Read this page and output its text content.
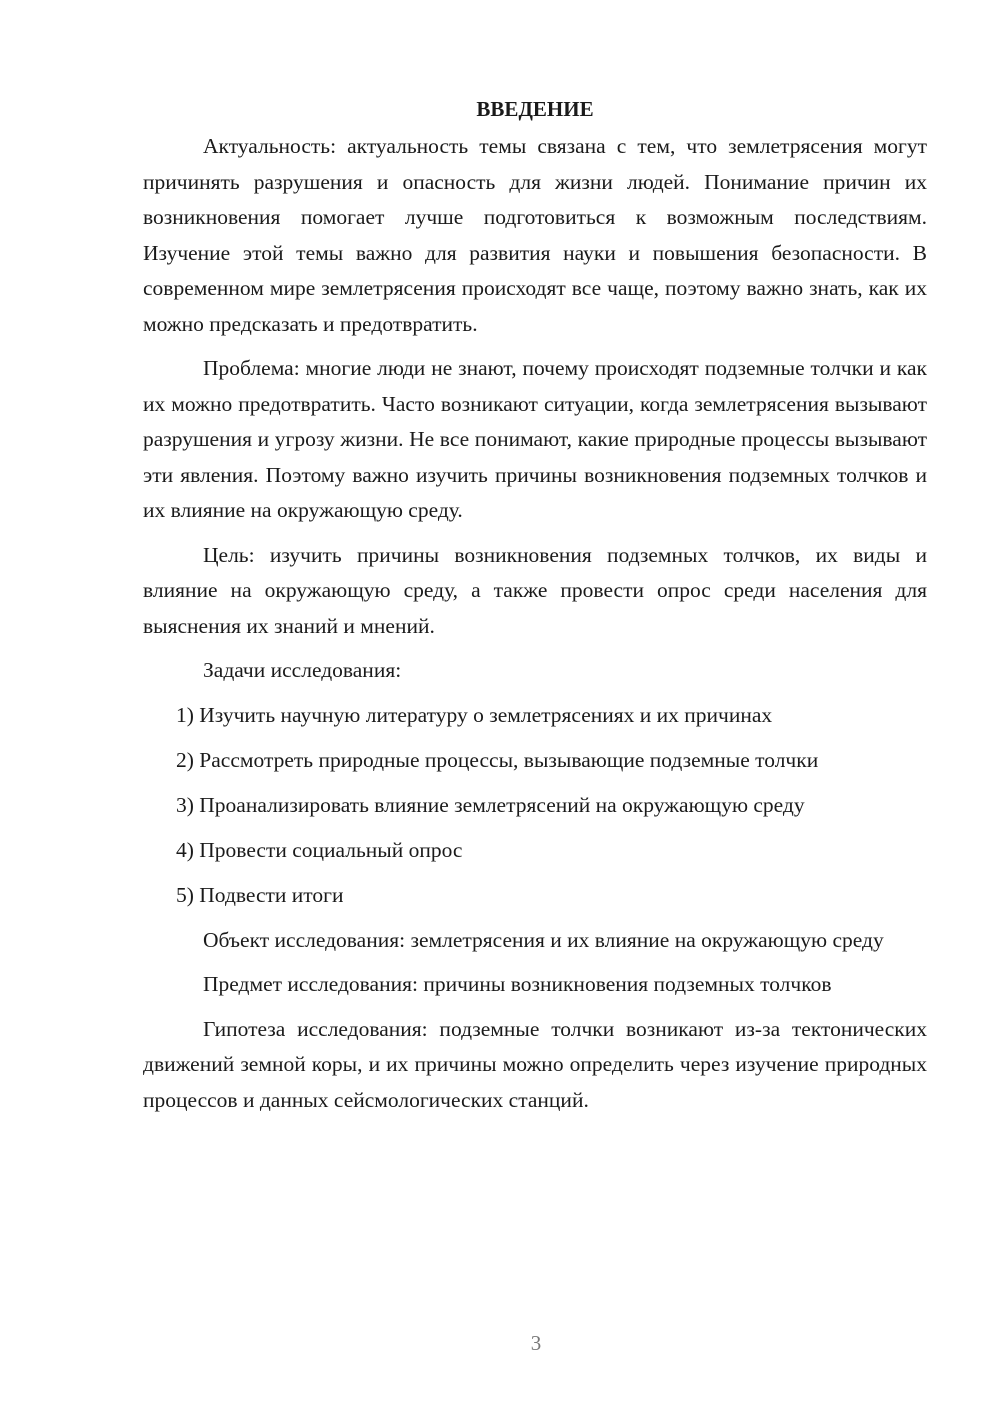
ВВЕДЕНИЕ

Актуальность: актуальность темы связана с тем, что землетрясения могут причинять разрушения и опасность для жизни людей. Понимание причин их возникновения помогает лучше подготовиться к возможным последствиям. Изучение этой темы важно для развития науки и повышения безопасности. В современном мире землетрясения происходят все чаще, поэтому важно знать, как их можно предсказать и предотвратить.

Проблема: многие люди не знают, почему происходят подземные толчки и как их можно предотвратить. Часто возникают ситуации, когда землетрясения вызывают разрушения и угрозу жизни. Не все понимают, какие природные процессы вызывают эти явления. Поэтому важно изучить причины возникновения подземных толчков и их влияние на окружающую среду.

Цель: изучить причины возникновения подземных толчков, их виды и влияние на окружающую среду, а также провести опрос среди населения для выяснения их знаний и мнений.

Задачи исследования:

1) Изучить научную литературу о землетрясениях и их причинах
2) Рассмотреть природные процессы, вызывающие подземные толчки
3) Проанализировать влияние землетрясений на окружающую среду
4) Провести социальный опрос
5) Подвести итоги

Объект исследования: землетрясения и их влияние на окружающую среду

Предмет исследования: причины возникновения подземных толчков

Гипотеза исследования: подземные толчки возникают из-за тектонических движений земной коры, и их причины можно определить через изучение природных процессов и данных сейсмологических станций.

3
